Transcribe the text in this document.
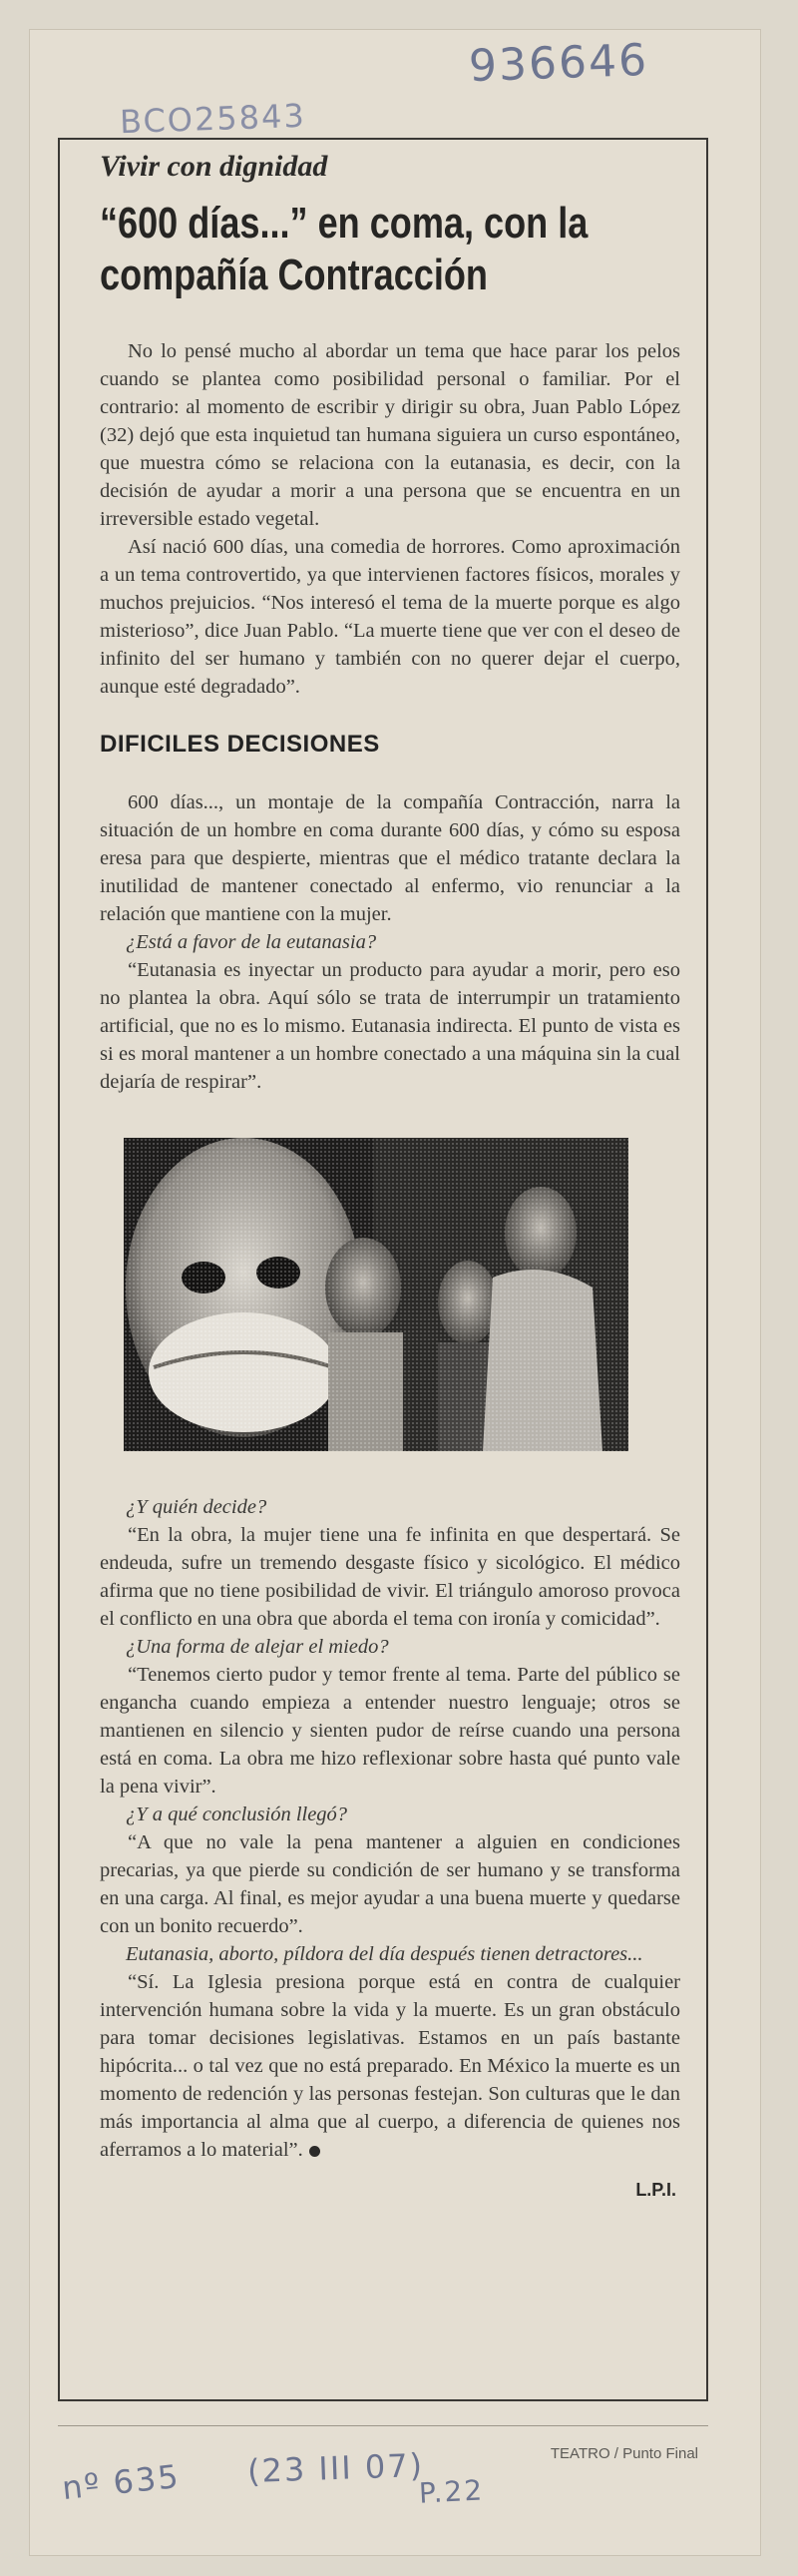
936646
BCO25843
Vivir con dignidad
“600 días...” en coma, con la compañía Contracción

No lo pensé mucho al abordar un tema que hace parar los pelos cuando se plantea como posibilidad personal o familiar. Por el contrario: al momento de escribir y dirigir su obra, Juan Pablo López (32) dejó que esta inquietud tan humana siguiera un curso espontáneo, que muestra cómo se relaciona con la eutanasia, es decir, con la decisión de ayudar a morir a una persona que se encuentra en un irreversible estado vegetal.

Así nació 600 días, una comedia de horrores. Como aproximación a un tema controvertido, ya que intervienen factores físicos, morales y muchos prejuicios. “Nos interesó el tema de la muerte porque es algo misterioso”, dice Juan Pablo. “La muerte tiene que ver con el deseo de infinito del ser humano y también con no querer dejar el cuerpo, aunque esté degradado”.

DIFICILES DECISIONES

600 días..., un montaje de la compañía Contracción, narra la situación de un hombre en coma durante 600 días, y cómo su esposa eresa para que despierte, mientras que el médico tratante declara la inutilidad de mantener conectado al enfermo, vio renunciar a la relación que mantiene con la mujer.

¿Está a favor de la eutanasia?

“Eutanasia es inyectar un producto para ayudar a morir, pero eso no plantea la obra. Aquí sólo se trata de interrumpir un tratamiento artificial, que no es lo mismo. Eutanasia indirecta. El punto de vista es si es moral mantener a un hombre conectado a una máquina sin la cual dejaría de respirar”.

¿Y quién decide?

“En la obra, la mujer tiene una fe infinita en que despertará. Se endeuda, sufre un tremendo desgaste físico y sicológico. El médico afirma que no tiene posibilidad de vivir. El triángulo amoroso provoca el conflicto en una obra que aborda el tema con ironía y comicidad”.

¿Una forma de alejar el miedo?

“Tenemos cierto pudor y temor frente al tema. Parte del público se engancha cuando empieza a entender nuestro lenguaje; otros se mantienen en silencio y sienten pudor de reírse cuando una persona está en coma. La obra me hizo reflexionar sobre hasta qué punto vale la pena vivir”.

¿Y a qué conclusión llegó?

“A que no vale la pena mantener a alguien en condiciones precarias, ya que pierde su condición de ser humano y se transforma en una carga. Al final, es mejor ayudar a una buena muerte y quedarse con un bonito recuerdo”.

Eutanasia, aborto, píldora del día después tienen detractores...

“Sí. La Iglesia presiona porque está en contra de cualquier intervención humana sobre la vida y la muerte. Es un gran obstáculo para tomar decisiones legislativas. Estamos en un país bastante hipócrita... o tal vez que no está preparado. En México la muerte es un momento de redención y las personas festejan. Son culturas que le dan más importancia al alma que al cuerpo, a diferencia de quienes nos aferramos a lo material”.

L.P.I.
TEATRO / Punto Final
nº 635 (23 III 07)
P.22
